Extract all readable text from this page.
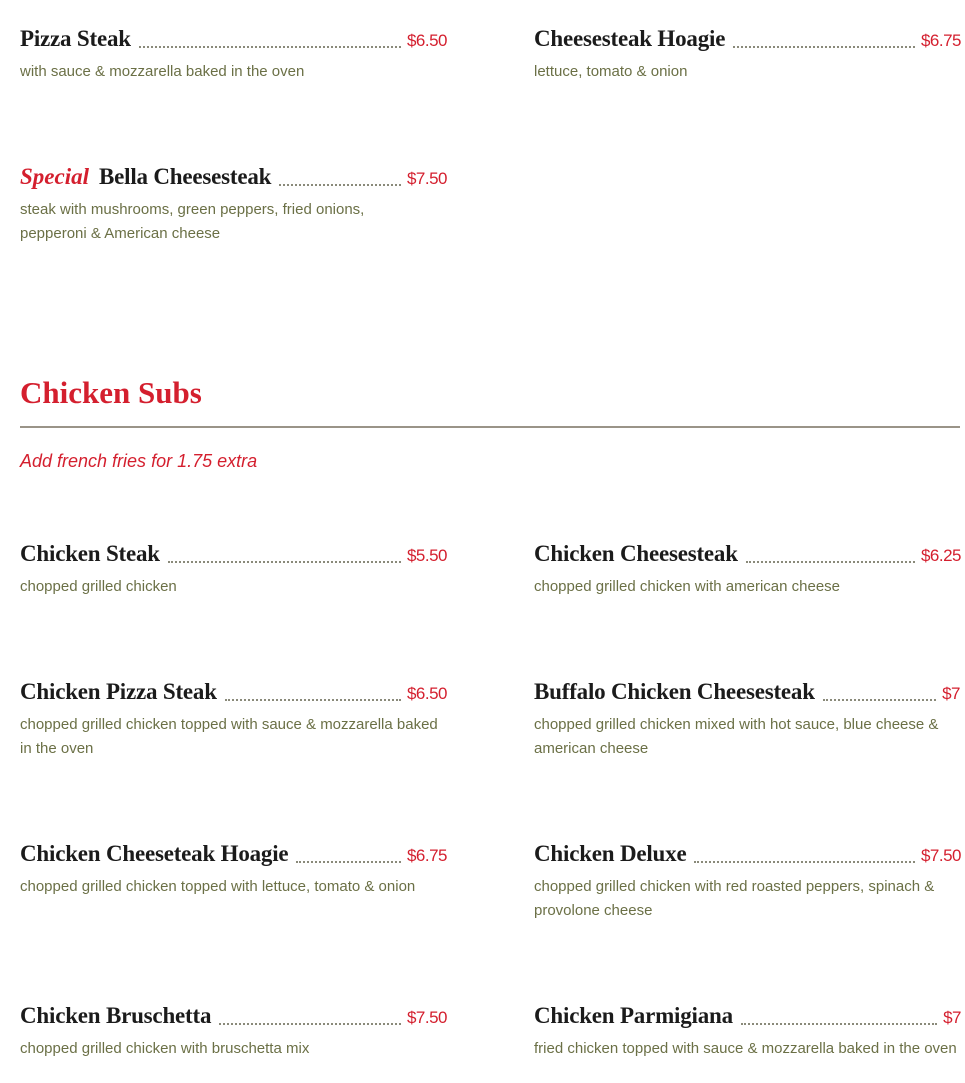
Pizza Steak	$6.50
with sauce & mozzarella baked in the oven
Cheesesteak Hoagie	$6.75
lettuce, tomato & onion
Special Bella Cheesesteak	$7.50
steak with mushrooms, green peppers, fried onions, pepperoni & American cheese
Chicken Subs
Add french fries for 1.75 extra
Chicken Steak	$5.50
chopped grilled chicken
Chicken Cheesesteak	$6.25
chopped grilled chicken with american cheese
Chicken Pizza Steak	$6.50
chopped grilled chicken topped with sauce & mozzarella baked in the oven
Buffalo Chicken Cheesesteak	$7
chopped grilled chicken mixed with hot sauce, blue cheese & american cheese
Chicken Cheeseteak Hoagie	$6.75
chopped grilled chicken topped with lettuce, tomato & onion
Chicken Deluxe	$7.50
chopped grilled chicken with red roasted peppers, spinach & provolone cheese
Chicken Bruschetta	$7.50
chopped grilled chicken with bruschetta mix
Chicken Parmigiana	$7
fried chicken topped with sauce & mozzarella baked in the oven
